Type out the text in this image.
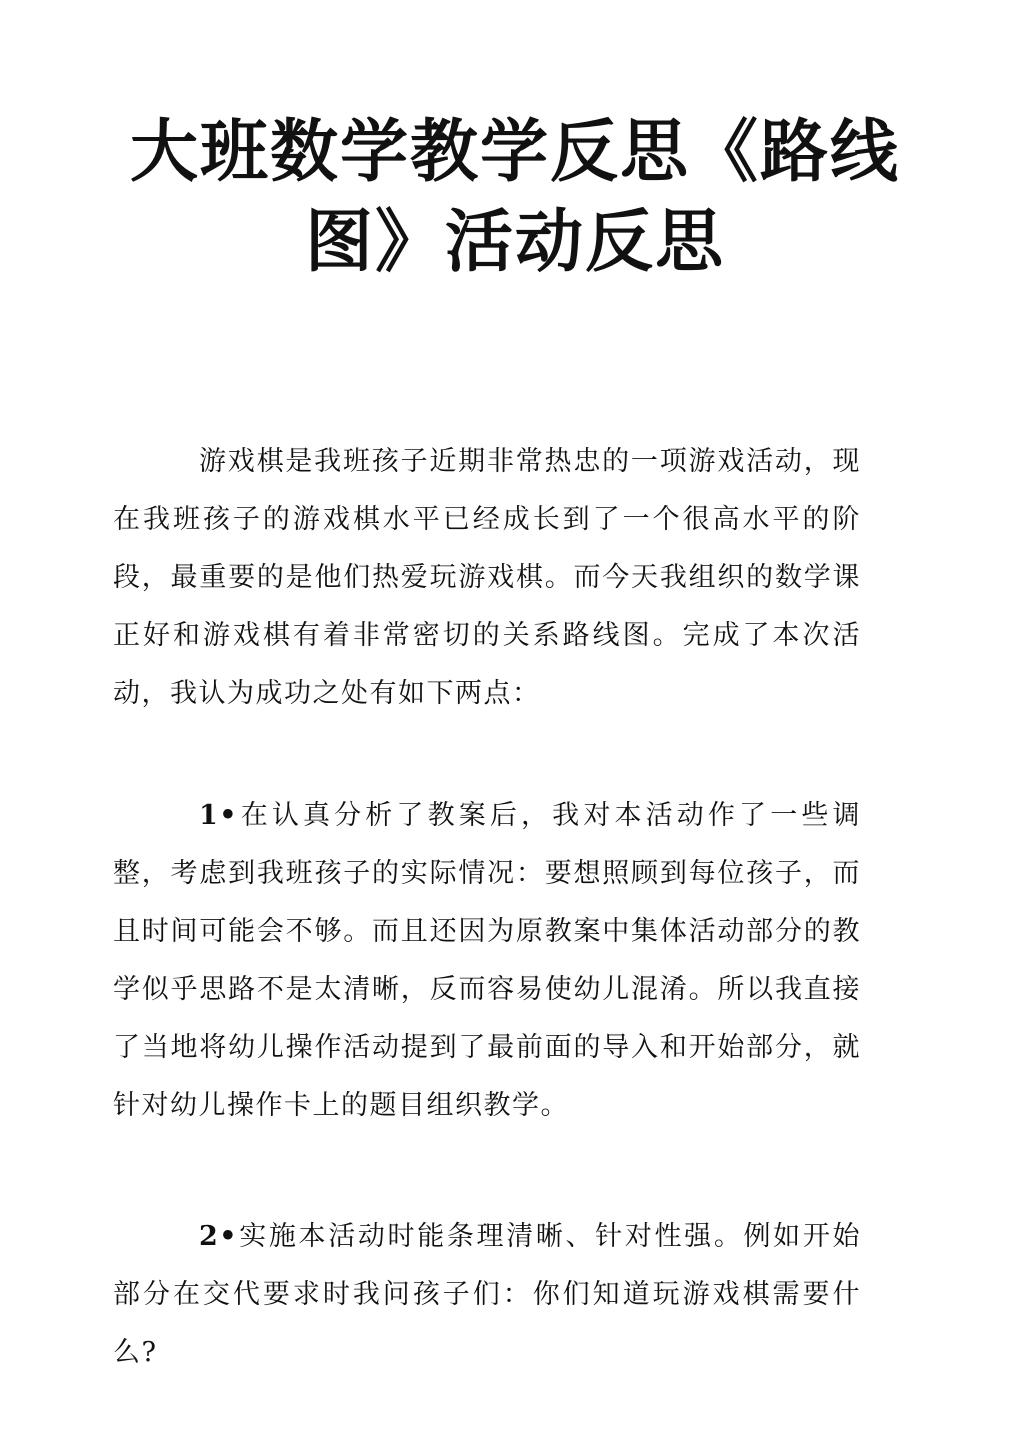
大班数学教学反思《路线
图》活动反思

游戏棋是我班孩子近期非常热忠的一项游戏活动，现在我班孩子的游戏棋水平已经成长到了一个很高水平的阶段，最重要的是他们热爱玩游戏棋。而今天我组织的数学课正好和游戏棋有着非常密切的关系路线图。完成了本次活动，我认为成功之处有如下两点：

1•在认真分析了教案后，我对本活动作了一些调整，考虑到我班孩子的实际情况：要想照顾到每位孩子，而且时间可能会不够。而且还因为原教案中集体活动部分的教学似乎思路不是太清晰，反而容易使幼儿混淆。所以我直接了当地将幼儿操作活动提到了最前面的导入和开始部分，就针对幼儿操作卡上的题目组织教学。

2•实施本活动时能条理清晰、针对性强。例如开始部分在交代要求时我问孩子们：你们知道玩游戏棋需要什么?
